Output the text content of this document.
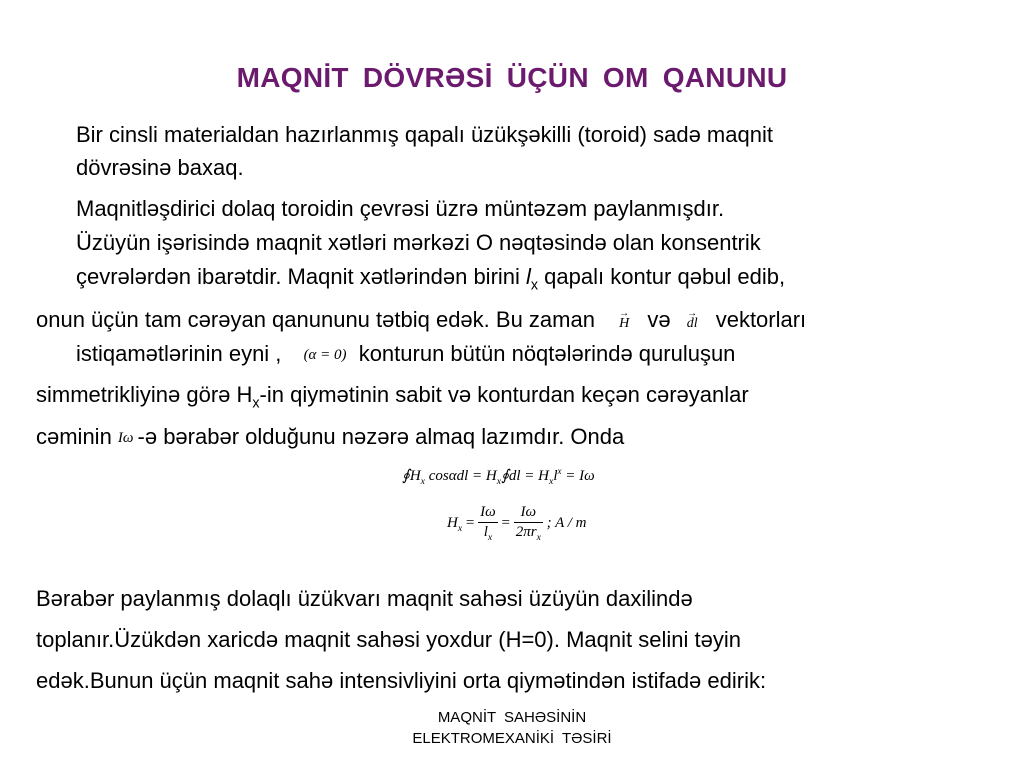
MAQNİT DÖVRƏSİ ÜÇÜN OM QANUNU
Bir cinsli materialdan hazırlanmış qapalı üzükşəkilli (toroid) sadə maqnit
dövrəsinə baxaq.
Maqnitləşdirici dolaq toroidin çevrəsi üzrə müntəzəm paylanmışdır.
Üzüyün işərisində maqnit xətləri mərkəzi O nəqtəsində olan konsentrik
çevrələrdən ibarətdir. Maqnit xətlərindən birini $l_x$ qapalı kontur qəbul edib,
onun üçün tam cərəyan qanununu tətbiq edək. Bu zaman →
H və →
dl vektorları
istiqamətlərinin eyni , (α = 0) konturun bütün nöqtələrində quruluşun
simmetrikliyinə görə $H_x-in$ qiymətinin sabit və konturdan keçən cərəyanlar
cəminin Iω -ə bərabər olduğunu nəzərə almaq lazımdır. Onda
$∮H_x$ $\cos\alpha dl = H_x∮dl = H_xl^x = I\omega$
$H_x = \frac{I\omega}{l_x} = \frac{I\omega}{2\pi r_x}$ ; A / m
Bərabər paylanmış dolaqlı üzükvarı maqnit sahəsi üzüyün daxilində
toplanır.Üzükdən xaricdə maqnit sahəsi yoxdur (H=0). Maqnit selini təyin
edək.Bunun üçün maqnit sahə intensivliyini orta qiymətindən istifadə edirik:
MAQNİT SAHƏSİNİN
ELEKTROMEXANİKİ TƏSİRİ
